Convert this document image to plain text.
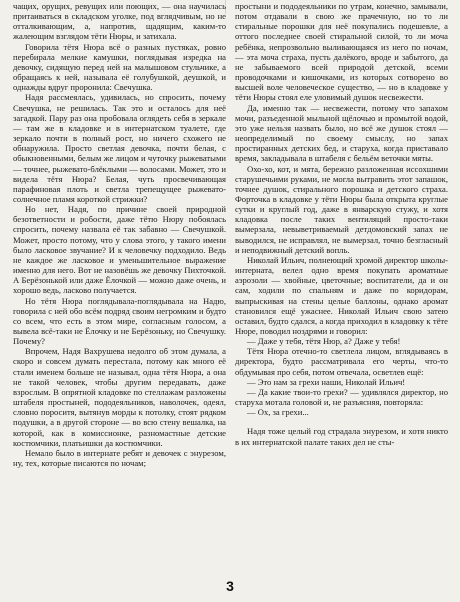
чащих, орущих, ревущих или поющих, — она научилась притаиваться в складском уголке, под вглядчивым, но не отталкивающим, а, напротив, щадящим, каким-то жалеющим взглядом тёти Нюры, и затихала.

Говорила тётя Нюра всё о разных пустяках, ровно перебирала мелкие камушки, поглядывая изредка на девочку, сидящую перед ней на малышовом стульчике, а обращаясь к ней, называла её голубушкой, деушкой, и однажды вдруг проронила: Свечушка.

Надя рассмеялась, удивилась, но спросить, почему Свечушка, не решилась. Так это и осталось для неё загадкой. Пару раз она пробовала оглядеть себя в зеркале — там же в кладовке и в интернатском туалете, где зеркало почти в полный рост, но ничего схожего не обнаружила. Просто светлая девочка, почти белая, с обыкновенными, белым же лицом и чуточку рыжеватыми — точнее, рыжевато-блёклыми — волосами. Может, это и видела тётя Нюра? Белая, чуть просвечивающая парафиновая плоть и светла трепещущее рыжевато-солнечное пламя короткой стрижки?

Но нет, Надя, по причине своей природной безответности и робости, даже тётю Нюру побоялась спросить, почему назвала её так забавно — Свечушкой. Может, просто потому, что у слова этого, у такого имени было ласковое звучание? И к человечку подходило. Ведь не каждое же ласковое и уменьшительное выражение именно для него. Вот не назовёшь же девочку Пихточкой. А Берёзонькой или даже Ёлочкой — можно даже очень, и хорошо ведь, ласково получается.

Но тётя Нюра поглядывала-поглядывала на Надю, говорила с ней обо всём подряд своим негромким и будто со всем, что есть в этом мире, согласным голосом, а вывела всё-таки не Ёлочку и не Берёзоньку, но Свечушку. Почему?

Впрочем, Надя Вахрушева недолго об этом думала, а скоро и совсем думать перестала, потому как много её стали именем больше не называл, одна тётя Нюра, а она не такой человек, чтобы другим передавать, даже взрослым. В опрятной кладовке по стеллажам разложены штабеля простыней, пододеяльников, наволочек, одеял, словно пороситя, вытянув морды к потолку, стоят рядком подушки, а в другой стороне — во всю стену вешалка, на которой, как в комиссионке, разномастные детские костюмчики, платьишки да костюмчики.

Немало было в интернате ребят и девочек с энурезом, ну, тех, которые писаются по ночам;

простыни и пододеяльники по утрам, конечно, замывали, потом отдавали в свою же прачечную, но то ли стиральные порошки для неё покупались подешевле, а оттого последнее своей стиральной силой, то ли моча ребёнка, непрозвольно выливающаяся из него по ночам, — эта моча страха, пусть далёкого, вроде и забытого, да не забываемого всей природой детской, всеми проводочками и кишочками, из которых сотворено во высшей воле человеческое существо, — но в кладовке у тёти Нюры стоял еле уловимый душок несвежести.

Да, именно так — несвежести, потому что запахом мочи, разъеденной мыльной щёлочью и промытой водой, это уже нельзя назвать было, но всё же душок стоял — неопределимый по своему смыслу, но запах простиранных детских бед, и старуха, когда приставало время, закладывала в штабеля с бельём веточки мяты.

Охо-хо, кот, и мята, бережно разложенная иссохшими старушечьими руками, не могла вытравить этот запашок, точнее душок, стирального порошка и детского страха. Форточка в кладовке у тёти Нюры была открыта круглые сутки и круглый год, даже в январскую стужу, и хотя кладовка после таких вентиляций просто-таки вымерзала, невыветриваемый детдомовский запах не выводился, не исправлял, не вымерзал, точно безгласный и неподвижный детский вопль.

Николай Ильич, полнеющий хромой директор школы-интерната, велел одно время покупать ароматные аэрозоли — хвойные, цветочные; воспитатели, да и он сам, ходили по спальням и даже по коридорам, выпрыскивая на стены целые баллоны, однако аромат становился ещё ужаснее. Николай Ильич свою затею оставил, будто сдался, а когда приходил в кладовку к тёте Нюре, поводил ноздрями и говорил:

— Даже у тебя, тётя Нюр, а? Даже у тебя!

Тётя Нюра отечно-то светлела лицом, вглядываясь в директора, будто рассматривала его черты, что-то обдумывая про себя, потом отвечала, осветлев ещё:

— Это нам за грехи наши, Николай Ильич!

— Да какие твои-то грехи? — удивлялся директор, но старуха мотала головой и, не разъясняя, повторяла:

— Ох, за грехи...

Надя тоже целый год страдала энурезом, и хотя никто в их интернатской палате таких дел не сты-

3
